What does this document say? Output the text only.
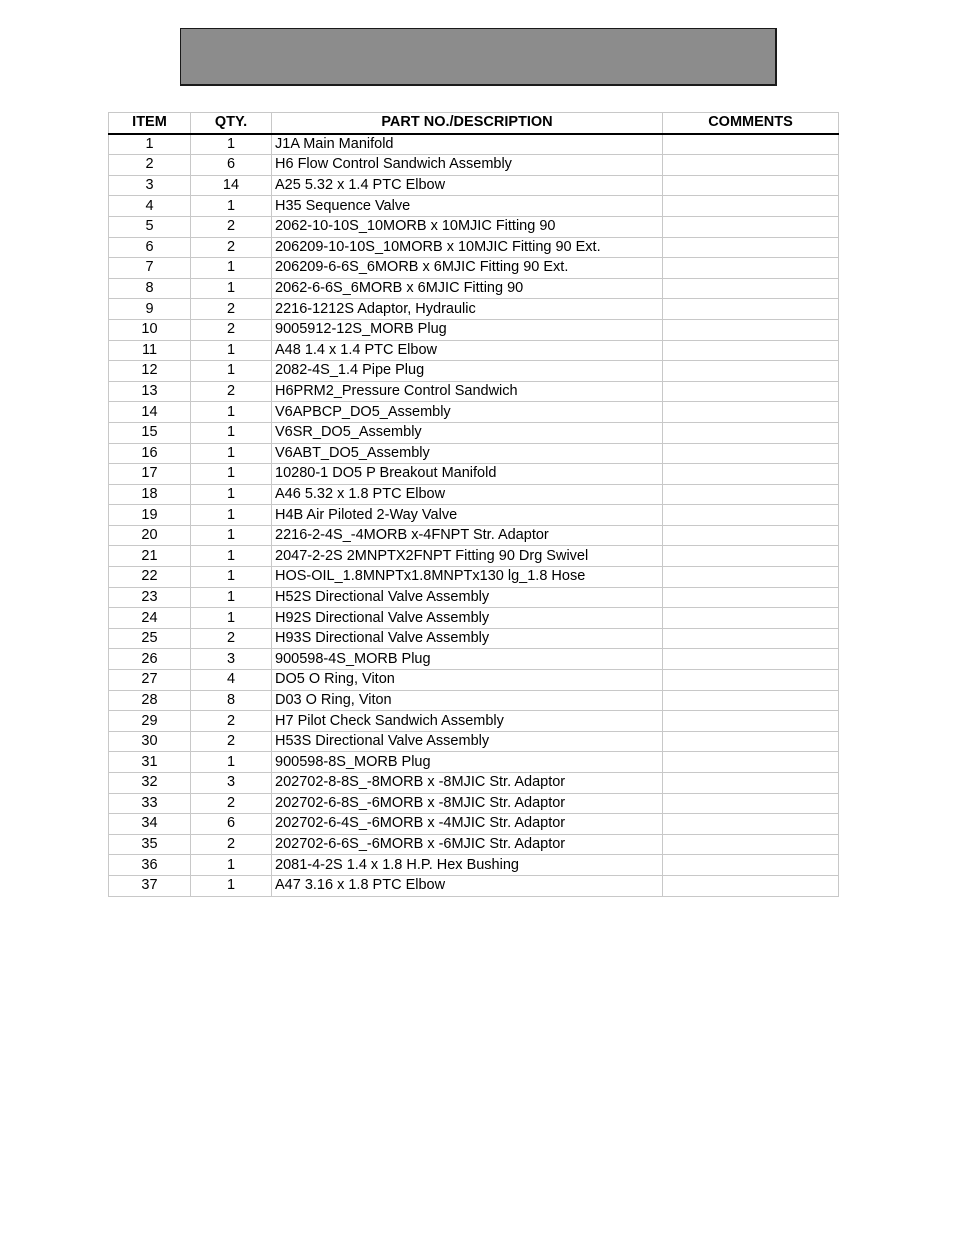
ITEM	QTY.	PART NO./DESCRIPTION	COMMENTS
1	1	J1A Main Manifold	
2	6	H6 Flow Control Sandwich Assembly	
3	14	A25 5.32 x 1.4 PTC Elbow	
4	1	H35 Sequence Valve	
5	2	2062-10-10S_10MORB x 10MJIC Fitting 90	
6	2	206209-10-10S_10MORB x 10MJIC Fitting 90 Ext.	
7	1	206209-6-6S_6MORB x 6MJIC Fitting 90 Ext.	
8	1	2062-6-6S_6MORB x 6MJIC Fitting 90	
9	2	2216-1212S Adaptor, Hydraulic	
10	2	9005912-12S_MORB Plug	
11	1	A48 1.4 x 1.4 PTC Elbow	
12	1	2082-4S_1.4 Pipe Plug	
13	2	H6PRM2_Pressure Control Sandwich	
14	1	V6APBCP_DO5_Assembly	
15	1	V6SR_DO5_Assembly	
16	1	V6ABT_DO5_Assembly	
17	1	10280-1 DO5 P Breakout Manifold	
18	1	A46 5.32 x 1.8 PTC Elbow	
19	1	H4B Air Piloted 2-Way Valve	
20	1	2216-2-4S_-4MORB x-4FNPT Str. Adaptor	
21	1	2047-2-2S 2MNPTX2FNPT Fitting 90 Drg Swivel	
22	1	HOS-OIL_1.8MNPTx1.8MNPTx130 lg_1.8 Hose	
23	1	H52S Directional Valve Assembly	
24	1	H92S Directional Valve Assembly	
25	2	H93S Directional Valve Assembly	
26	3	900598-4S_MORB Plug	
27	4	DO5 O Ring, Viton	
28	8	D03 O Ring, Viton	
29	2	H7 Pilot Check Sandwich Assembly	
30	2	H53S Directional Valve Assembly	
31	1	900598-8S_MORB Plug	
32	3	202702-8-8S_-8MORB x -8MJIC Str. Adaptor	
33	2	202702-6-8S_-6MORB x -8MJIC Str. Adaptor	
34	6	202702-6-4S_-6MORB x -4MJIC Str. Adaptor	
35	2	202702-6-6S_-6MORB x -6MJIC Str. Adaptor	
36	1	2081-4-2S 1.4 x 1.8 H.P. Hex Bushing	
37	1	A47 3.16 x 1.8 PTC Elbow	
